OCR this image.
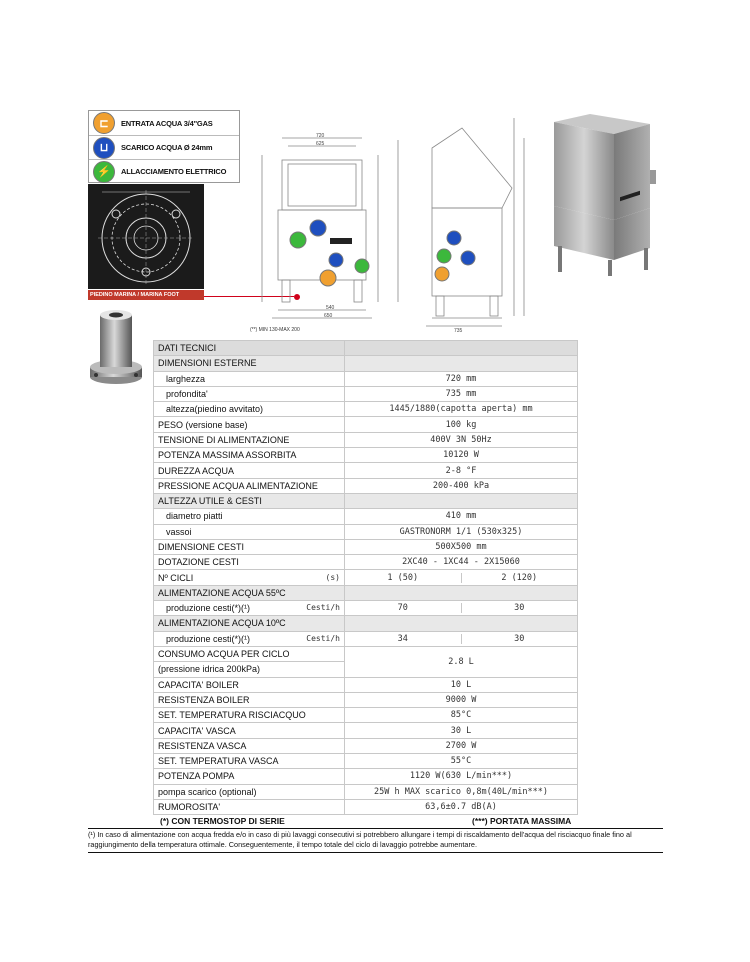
⊏	ENTRATA ACQUA 3/4"GAS
⊔	SCARICO ACQUA Ø 24mm
⚡	ALLACCIAMENTO ELETTRICO
PIEDINO MARINA / MARINA FOOT
720
625
540
650
735
(**) MIN 130-MAX 200
DATI TECNICI	
DIMENSIONI ESTERNE	
larghezza	720 mm
profondita'	735 mm
altezza(piedino avvitato)	1445/1880(capotta aperta) mm
PESO (versione base)	100 kg
TENSIONE DI ALIMENTAZIONE	400V 3N 50Hz
POTENZA MASSIMA ASSORBITA	10120 W
DUREZZA ACQUA	2-8 °F
PRESSIONE ACQUA ALIMENTAZIONE	200-400 kPa
ALTEZZA UTILE & CESTI	
diametro piatti	410 mm
vassoi	GASTRONORM 1/1 (530x325)
DIMENSIONE CESTI	500X500 mm
DOTAZIONE CESTI	2XC40 - 1XC44 - 2X15060

Nº CICLI (s)	1 (50) 2 (120)

ALIMENTAZIONE ACQUA 55ºC	

produzione cesti(*)(¹) Cesti/h	70 30

ALIMENTAZIONE ACQUA 10ºC	

produzione cesti(*)(¹) Cesti/h	34 30

CONSUMO ACQUA PER CICLO	2.8 L
(pressione idrica 200kPa)	
CAPACITA' BOILER	10 L
RESISTENZA BOILER	9000 W
SET. TEMPERATURA RISCIACQUO	85°C
CAPACITA' VASCA	30 L
RESISTENZA VASCA	2700 W
SET. TEMPERATURA VASCA	55°C
POTENZA POMPA	1120 W(630 L/min***)
pompa scarico (optional)	25W h MAX scarico 0,8m(40L/min***)
RUMOROSITA'	63,6±0.7 dB(A)
(*) CON TERMOSTOP DI SERIE	(***) PORTATA MASSIMA
(¹) In caso di alimentazione con acqua fredda e/o in caso di più lavaggi consecutivi si potrebbero allungare i tempi di riscaldamento dell'acqua del risciacquo finale fino al raggiungimento della temperatura ottimale. Conseguentemente, il tempo totale del ciclo di lavaggio potrebbe aumentare.
